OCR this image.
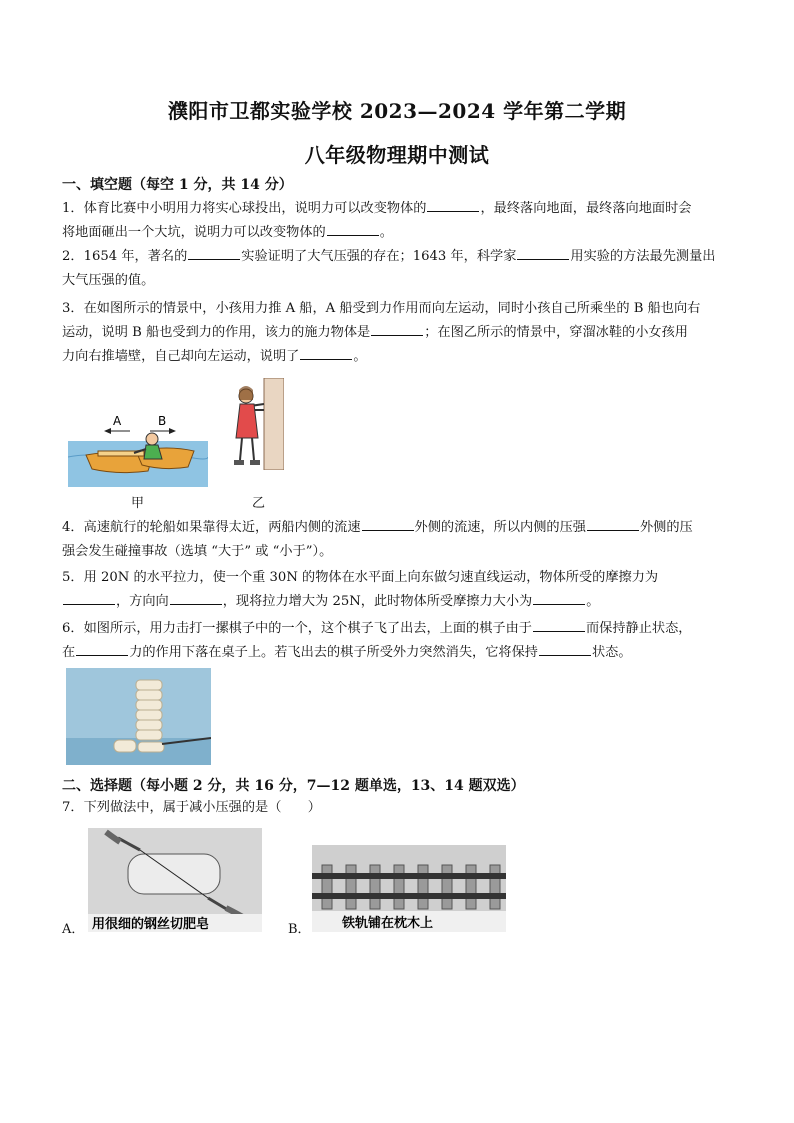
濮阳市卫都实验学校 2023—2024 学年第二学期
八年级物理期中测试
一、填空题（每空 1 分，共 14 分）
1．体育比赛中小明用力将实心球投出，说明力可以改变物体的	，最终落向地面，最终落向地面时会
将地面砸出一个大坑，说明力可以改变物体的	。
2．1654 年，著名的	实验证明了大气压强的存在；1643 年，科学家	用实验的方法最先测量出
大气压强的值。
3．在如图所示的情景中，小孩用力推 A 船，A 船受到力作用而向左运动，同时小孩自己所乘坐的 B 船也向右
运动，说明 B 船也受到力的作用，该力的施力物体是	；在图乙所示的情景中，穿溜冰鞋的小女孩用
力向右推墙壁，自己却向左运动，说明了	。
A	B
甲	乙
4．高速航行的轮船如果靠得太近，两船内侧的流速	外侧的流速，所以内侧的压强	外侧的压
强会发生碰撞事故（选填 “大于” 或 “小于”）。
5．用 20N 的水平拉力，使一个重 30N 的物体在水平面上向东做匀速直线运动，物体所受的摩擦力为
，方向向	，现将拉力增大为 25N，此时物体所受摩擦力大小为	。
6．如图所示，用力击打一摞棋子中的一个，这个棋子飞了出去，上面的棋子由于	而保持静止状态，
在	力的作用下落在桌子上。若飞出去的棋子所受外力突然消失，它将保持	状态。
二、选择题（每小题 2 分，共 16 分，7—12 题单选，13、14 题双选）
7．下列做法中，属于减小压强的是（　　）
A． 用很细的钢丝切肥皂	B． 铁轨铺在枕木上
